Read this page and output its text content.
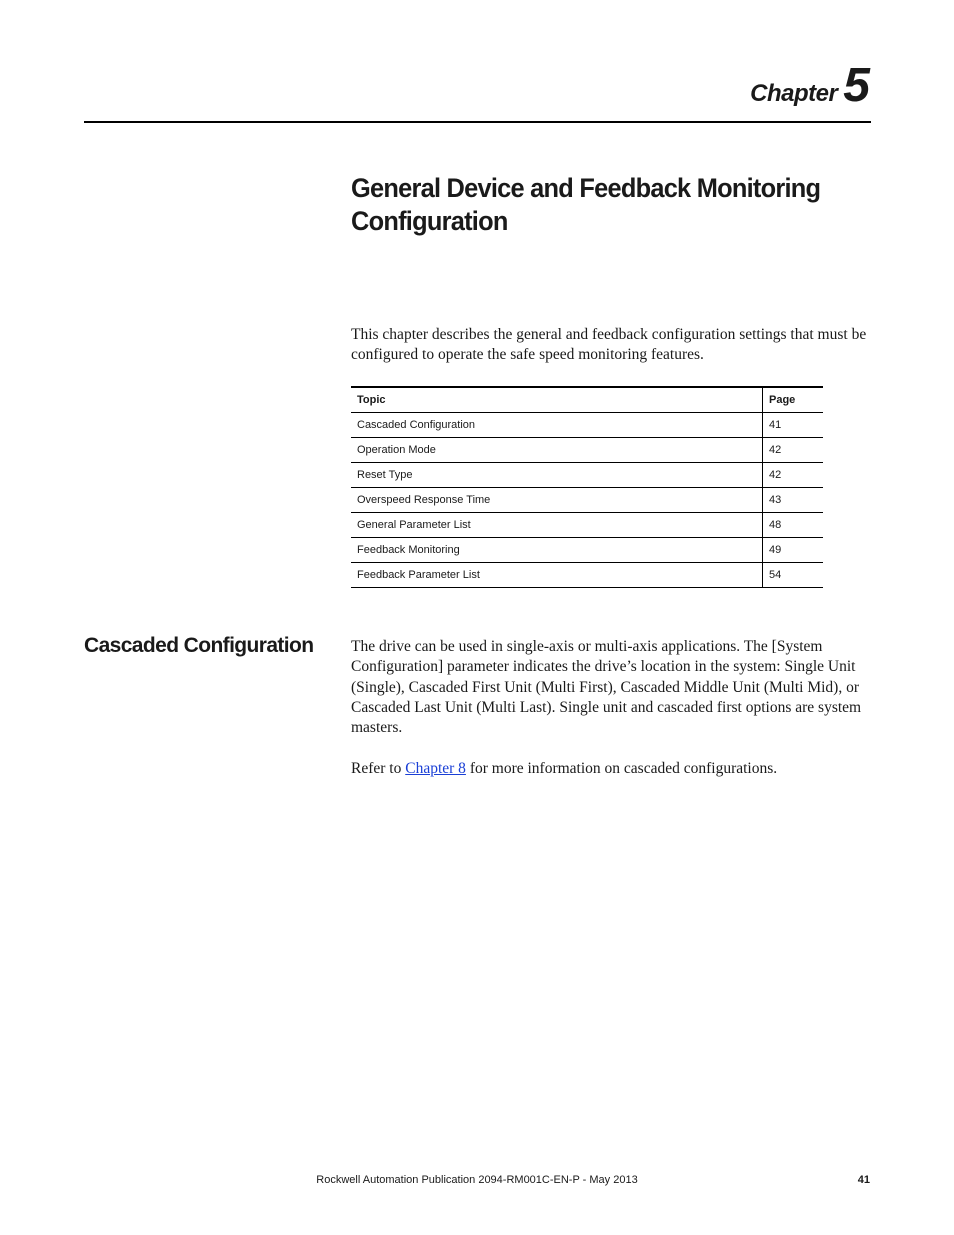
Chapter 5
General Device and Feedback Monitoring Configuration

This chapter describes the general and feedback configuration settings that must be configured to operate the safe speed monitoring features.

Topic	Page
Cascaded Configuration	41
Operation Mode	42
Reset Type	42
Overspeed Response Time	43
General Parameter List	48
Feedback Monitoring	49
Feedback Parameter List	54
Cascaded Configuration The drive can be used in single-axis or multi-axis applications. The [System Configuration] parameter indicates the drive’s location in the system: Single Unit (Single), Cascaded First Unit (Multi First), Cascaded Middle Unit (Multi Mid), or Cascaded Last Unit (Multi Last). Single unit and cascaded first options are system masters.

Refer to Chapter 8 for more information on cascaded configurations.

Rockwell Automation Publication 2094-RM001C-EN-P - May 2013	41
